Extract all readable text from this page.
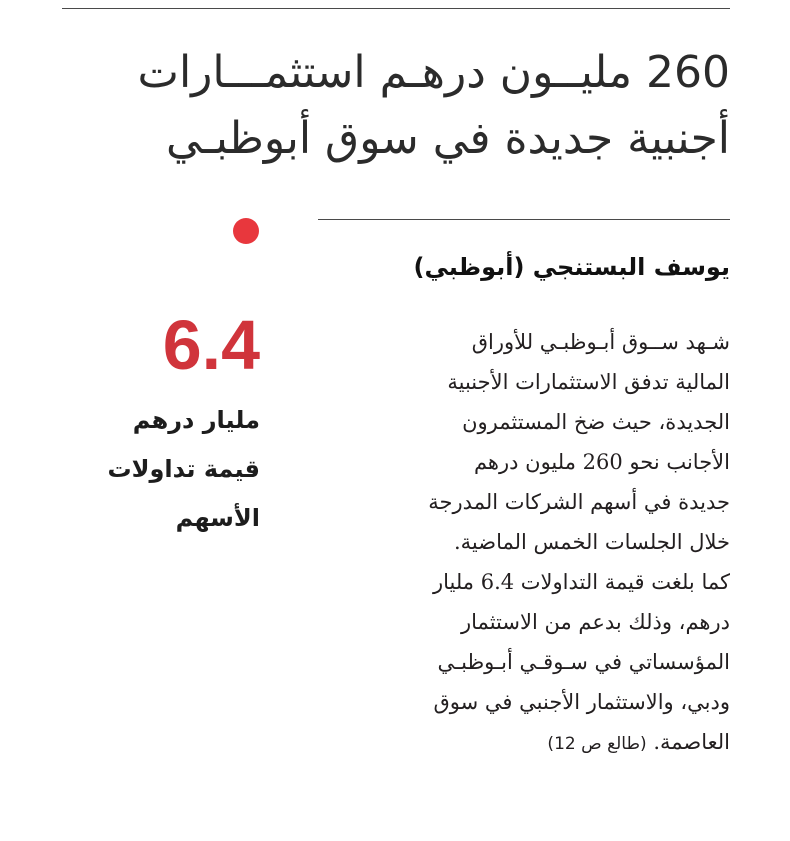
260 مليــون درهـم استثمـــارات
أجنبية جديدة في سوق أبوظبـي
يوسف البستنجي (أبوظبي)
6.4

مليار درهم
قيمة تداولات
الأسهم

شـهد ســوق أبـوظبـي للأوراق
المالية تدفق الاستثمارات الأجنبية
الجديدة، حيث ضخ المستثمرون
الأجانب نحو 260 مليون درهم
جديدة في أسهم الشركات المدرجة
خلال الجلسات الخمس الماضية.
كما بلغت قيمة التداولات 6.4 مليار
درهم، وذلك بدعم من الاستثمار
المؤسساتي في سـوقـي أبـوظبـي
ودبي، والاستثمار الأجنبي في سوق
العاصمة. (طالع ص 12)
